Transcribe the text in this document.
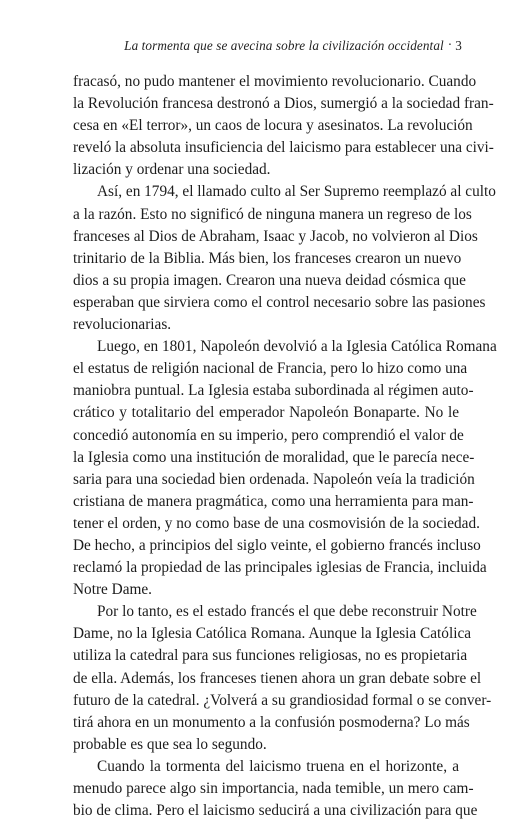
La tormenta que se avecina sobre la civilización occidental · 3
fracasó, no pudo mantener el movimiento revolucionario. Cuando
la Revolución francesa destronó a Dios, sumergió a la sociedad fran-
cesa en «El terror», un caos de locura y asesinatos. La revolución
reveló la absoluta insuficiencia del laicismo para establecer una civi-
lización y ordenar una sociedad.
Así, en 1794, el llamado culto al Ser Supremo reemplazó al culto
a la razón. Esto no significó de ninguna manera un regreso de los
franceses al Dios de Abraham, Isaac y Jacob, no volvieron al Dios
trinitario de la Biblia. Más bien, los franceses crearon un nuevo
dios a su propia imagen. Crearon una nueva deidad cósmica que
esperaban que sirviera como el control necesario sobre las pasiones
revolucionarias.
Luego, en 1801, Napoleón devolvió a la Iglesia Católica Romana
el estatus de religión nacional de Francia, pero lo hizo como una
maniobra puntual. La Iglesia estaba subordinada al régimen auto-
crático y totalitario del emperador Napoleón Bonaparte. No le
concedió autonomía en su imperio, pero comprendió el valor de
la Iglesia como una institución de moralidad, que le parecía nece-
saria para una sociedad bien ordenada. Napoleón veía la tradición
cristiana de manera pragmática, como una herramienta para man-
tener el orden, y no como base de una cosmovisión de la sociedad.
De hecho, a principios del siglo veinte, el gobierno francés incluso
reclamó la propiedad de las principales iglesias de Francia, incluida
Notre Dame.
Por lo tanto, es el estado francés el que debe reconstruir Notre
Dame, no la Iglesia Católica Romana. Aunque la Iglesia Católica
utiliza la catedral para sus funciones religiosas, no es propietaria
de ella. Además, los franceses tienen ahora un gran debate sobre el
futuro de la catedral. ¿Volverá a su grandiosidad formal o se conver-
tirá ahora en un monumento a la confusión posmoderna? Lo más
probable es que sea lo segundo.
Cuando la tormenta del laicismo truena en el horizonte, a
menudo parece algo sin importancia, nada temible, un mero cam-
bio de clima. Pero el laicismo seducirá a una civilización para que
